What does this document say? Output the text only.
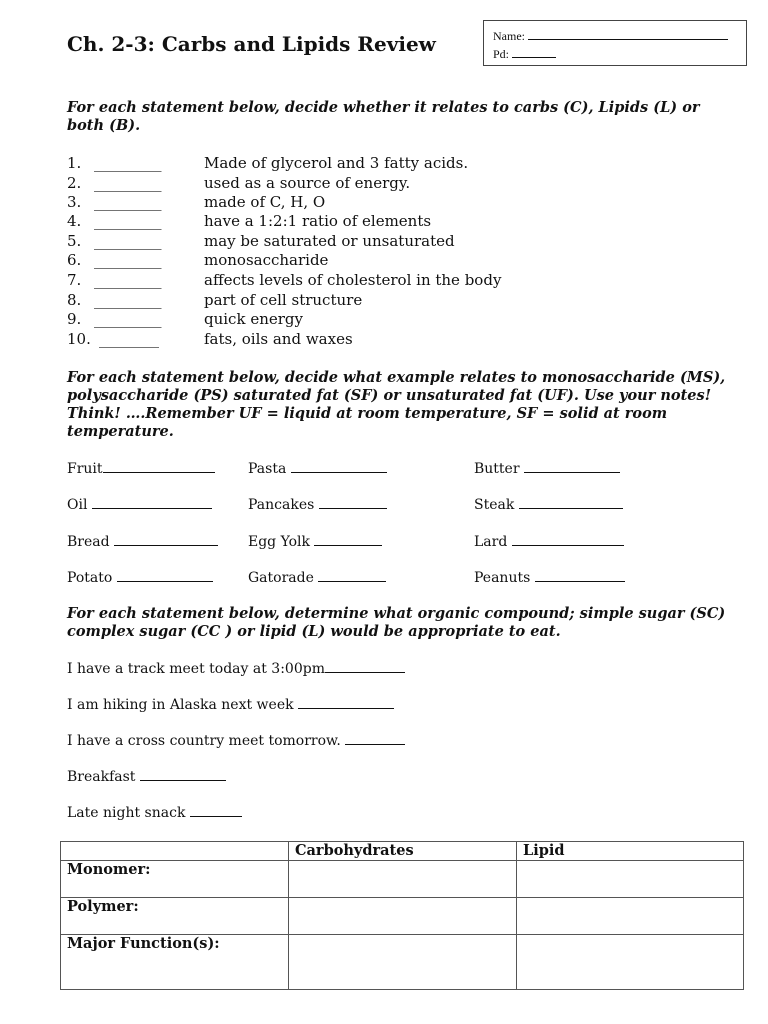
Ch. 2-3: Carbs and Lipids Review	Name:
Pd:
For each statement below, decide whether it relates to carbs (C), Lipids (L) or both (B).
1. _________	Made of glycerol and 3 fatty acids.
2. _________	used as a source of energy.
3. _________	made of C, H, O
4. _________	have a 1:2:1 ratio of elements
5. _________	may be saturated or unsaturated
6. _________	monosaccharide
7. _________	affects levels of cholesterol in the body
8. _________	part of cell structure
9. _________	quick energy
10. ________	fats, oils and waxes
For each statement below, decide what example relates to monosaccharide (MS), polysaccharide (PS) saturated fat (SF) or unsaturated fat (UF). Use your notes! Think! ….Remember UF = liquid at room temperature, SF = solid at room temperature.
Fruit	Pasta	Butter
Oil	Pancakes	Steak
Bread	Egg Yolk	Lard
Potato	Gatorade	Peanuts
For each statement below, determine what organic compound; simple sugar (SC) complex sugar (CC ) or lipid (L) would be appropriate to eat.
I have a track meet today at 3:00pm
I am hiking in Alaska next week
I have a cross country meet tomorrow.
Breakfast
Late night snack
	Carbohydrates	Lipid
Monomer:		
Polymer:		
Major Function(s):		
